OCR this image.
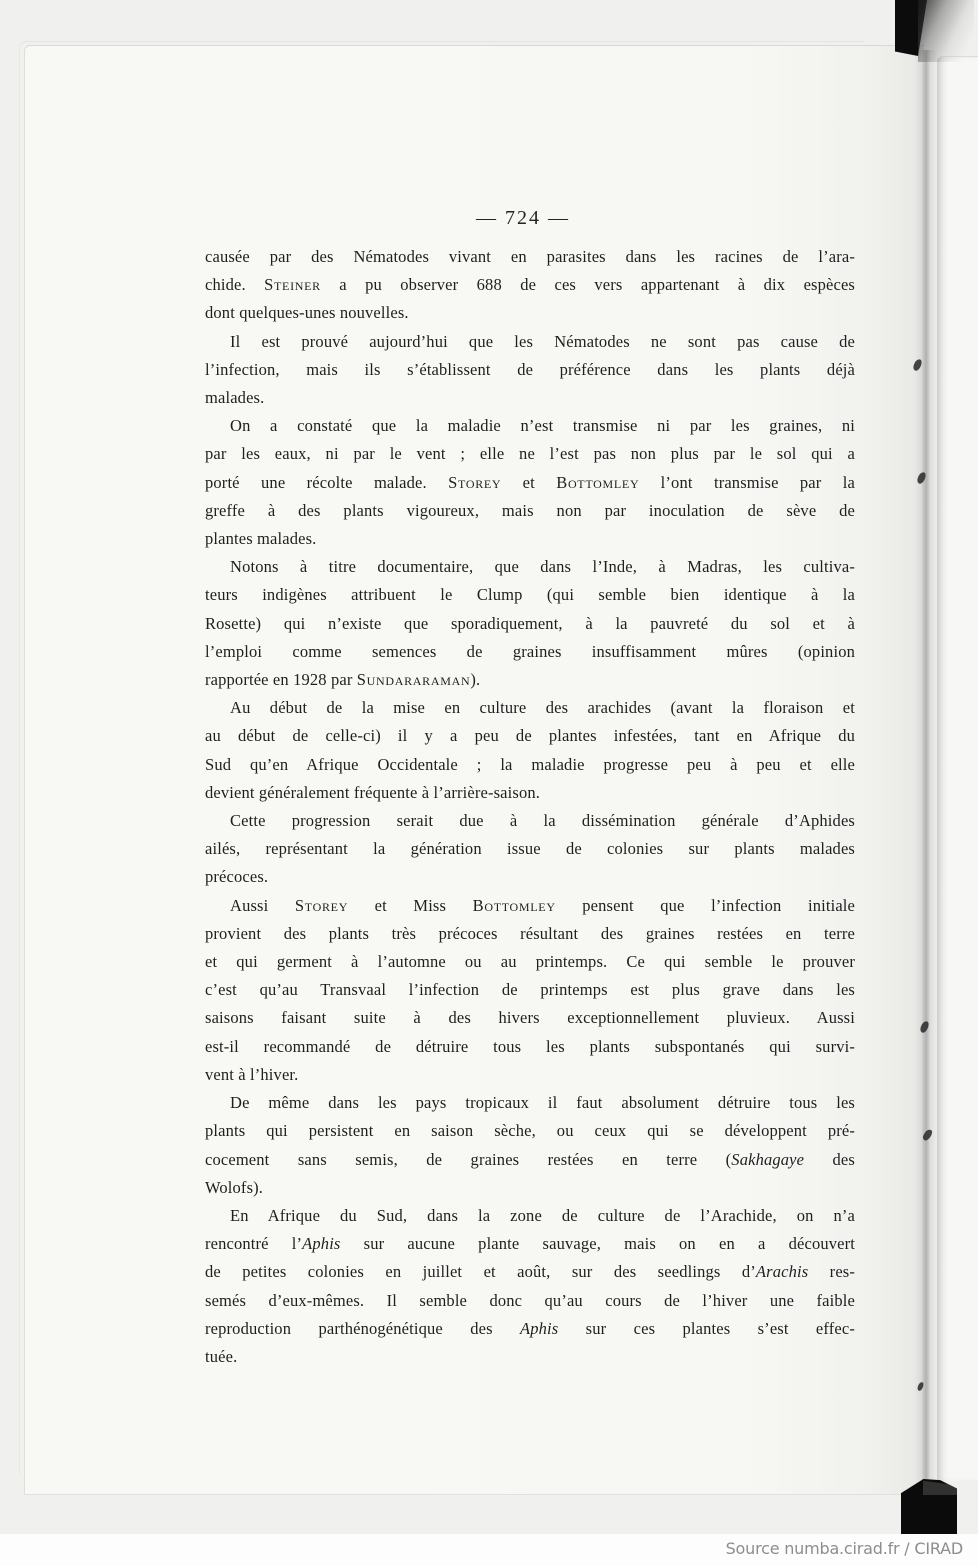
— 724 —
causée par des Nématodes vivant en parasites dans les racines de l’ara-
chide. Steiner a pu observer 688 de ces vers appartenant à dix espèces
dont quelques-unes nouvelles.
Il est prouvé aujourd’hui que les Nématodes ne sont pas cause de
l’infection, mais ils s’établissent de préférence dans les plants déjà
malades.
On a constaté que la maladie n’est transmise ni par les graines, ni
par les eaux, ni par le vent ; elle ne l’est pas non plus par le sol qui a
porté une récolte malade. Storey et Bottomley l’ont transmise par la
greffe à des plants vigoureux, mais non par inoculation de sève de
plantes malades.
Notons à titre documentaire, que dans l’Inde, à Madras, les cultiva-
teurs indigènes attribuent le Clump (qui semble bien identique à la
Rosette) qui n’existe que sporadiquement, à la pauvreté du sol et à
l’emploi comme semences de graines insuffisamment mûres (opinion
rapportée en 1928 par Sundararaman).
Au début de la mise en culture des arachides (avant la floraison et
au début de celle-ci) il y a peu de plantes infestées, tant en Afrique du
Sud qu’en Afrique Occidentale ; la maladie progresse peu à peu et elle
devient généralement fréquente à l’arrière-saison.
Cette progression serait due à la dissémination générale d’Aphides
ailés, représentant la génération issue de colonies sur plants malades
précoces.
Aussi Storey et Miss Bottomley pensent que l’infection initiale
provient des plants très précoces résultant des graines restées en terre
et qui germent à l’automne ou au printemps. Ce qui semble le prouver
c’est qu’au Transvaal l’infection de printemps est plus grave dans les
saisons faisant suite à des hivers exceptionnellement pluvieux. Aussi
est-il recommandé de détruire tous les plants subspontanés qui survi-
vent à l’hiver.
De même dans les pays tropicaux il faut absolument détruire tous les
plants qui persistent en saison sèche, ou ceux qui se développent pré-
cocement sans semis, de graines restées en terre (Sakhagaye des
Wolofs).
En Afrique du Sud, dans la zone de culture de l’Arachide, on n’a
rencontré l’Aphis sur aucune plante sauvage, mais on en a découvert
de petites colonies en juillet et août, sur des seedlings d’Arachis res-
semés d’eux-mêmes. Il semble donc qu’au cours de l’hiver une faible
reproduction parthénogénétique des Aphis sur ces plantes s’est effec-
tuée.
Source numba.cirad.fr / CIRAD
